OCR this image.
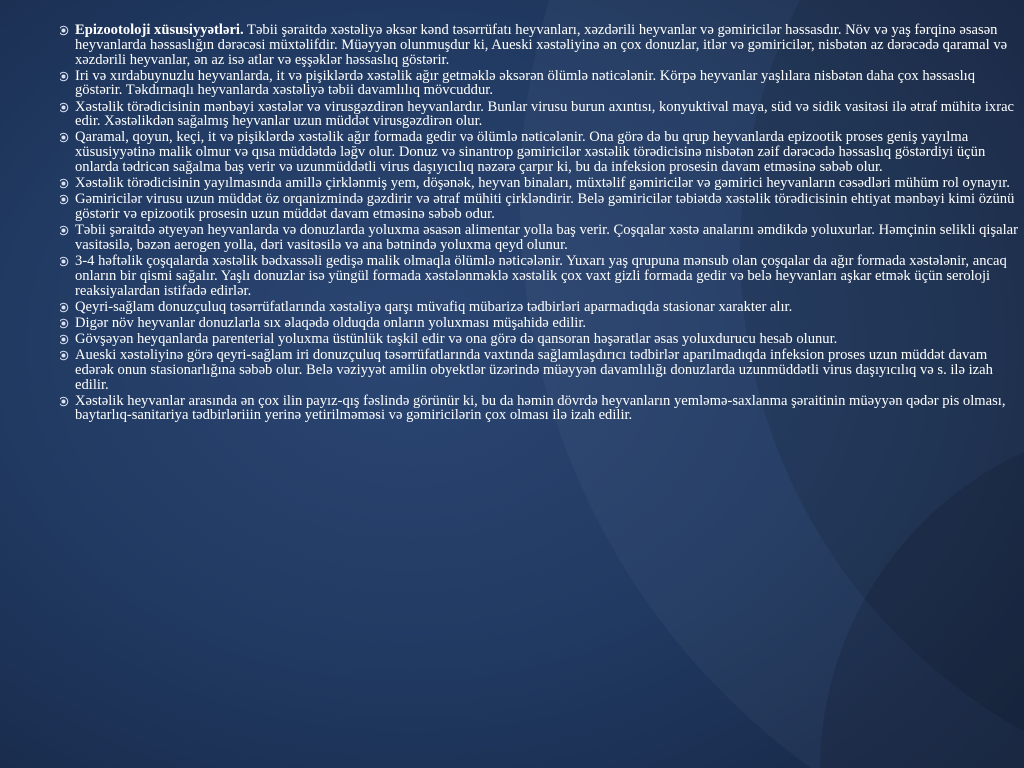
Epizootoloji xüsusiyyətləri. Təbii şəraitdə xəstəliyə əksər kənd təsərrüfatı heyvanları, xəzdərili heyvanlar və gəmiricilər həssasdır. Növ və yaş fərqinə əsasən heyvanlarda həssaslığın dərəcəsi müxtəlifdir. Müəyyən olunmuşdur ki, Aueski xəstəliyinə ən çox donuzlar, itlər və gəmiricilər, nisbətən az dərəcədə qaramal və xəzdərili heyvanlar, ən az isə atlar və eşşəklər həssaslıq göstərir.
Iri və xırdabuynuzlu heyvanlarda, it və pişiklərdə xəstəlik ağır getməklə əksərən ölümlə nəticələnir. Körpə heyvanlar yaşlılara nisbətən daha çox həssaslıq göstərir. Təkdırnaqlı heyvanlarda xəstəliyə təbii davamlılıq mövcuddur.
Xəstəlik törədicisinin mənbəyi xəstələr və virusgəzdirən heyvanlardır. Bunlar virusu burun axıntısı, konyuktival maya, süd və sidik vasitəsi ilə ətraf mühitə ixrac edir. Xəstəlikdən sağalmış heyvanlar uzun müddət virusgəzdirən olur.
Qaramal, qoyun, keçi, it və pişiklərdə xəstəlik ağır formada gedir və ölümlə nəticələnir. Ona görə də bu qrup heyvanlarda epizootik proses geniş yayılma xüsusiyyətinə malik olmur və qısa müddətdə ləğv olur. Donuz və sinantrop gəmiricilər xəstəlik törədicisinə nisbətən zəif dərəcədə həssaslıq göstərdiyi üçün onlarda tədricən sağalma baş verir və uzunmüddətli virus daşıyıcılıq nəzərə çarpır ki, bu da infeksion prosesin davam etməsinə səbəb olur.
Xəstəlik törədicisinin yayılmasında amillə çirklənmiş yem, döşənək, heyvan binaları, müxtəlif gəmiricilər və gəmirici heyvanların cəsədləri mühüm rol oynayır.
Gəmiricilər virusu uzun müddət öz orqanizmində gəzdirir və ətraf mühiti çirkləndirir. Belə gəmiricilər təbiətdə xəstəlik törədicisinin ehtiyat mənbəyi kimi özünü göstərir və epizootik prosesin uzun müddət davam etməsinə səbəb odur.
Təbii şəraitdə ətyeyən heyvanlarda və donuzlarda yoluxma əsasən alimentar yolla baş verir. Çoşqalar xəstə analarını əmdikdə yoluxurlar. Həmçinin selikli qişalar vasitəsilə, bəzən aerogen yolla, dəri vasitəsilə və ana bətnində yoluxma qeyd olunur.
3-4 həftəlik çoşqalarda xəstəlik bədxassəli gedişə malik olmaqla ölümlə nəticələnir. Yuxarı yaş qrupuna mənsub olan çoşqalar da ağır formada xəstələnir, ancaq onların bir qismi sağalır. Yaşlı donuzlar isə yüngül formada xəstələnməklə xəstəlik çox vaxt gizli formada gedir və belə heyvanları aşkar etmək üçün seroloji reaksiyalardan istifadə edirlər.
Qeyri-sağlam donuzçuluq təsərrüfatlarında xəstəliyə qarşı müvafiq mübarizə tədbirləri aparmadıqda stasionar xarakter alır.
Digər növ heyvanlar donuzlarla sıx əlaqədə olduqda onların yoluxması müşahidə edilir.
Gövşəyən heyqanlarda parenterial yoluxma üstünlük təşkil edir və ona görə də qansoran həşəratlar əsas yoluxdurucu hesab olunur.
Aueski xəstəliyinə görə qeyri-sağlam iri donuzçuluq təsərrüfatlarında vaxtında sağlamlaşdırıcı tədbirlər aparılmadıqda infeksion proses uzun müddət davam edərək onun stasionarlığına səbəb olur. Belə vəziyyət amilin obyektlər üzərində müəyyən davamlılığı donuzlarda uzunmüddətli virus daşıyıcılıq və s. ilə izah edilir.
Xəstəlik heyvanlar arasında ən çox ilin payız-qış fəslində görünür ki, bu da həmin dövrdə heyvanların yemləmə-saxlanma şəraitinin müəyyən qədər pis olması, baytarlıq-sanitariya tədbirləriiin yerinə yetirilməməsi və gəmiricilərin çox olması ilə izah edilir.
